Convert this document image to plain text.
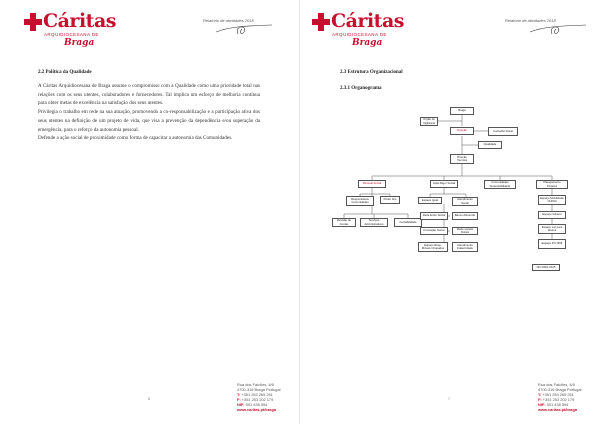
Cáritas
ARQUIDIOCESANA DE
Braga
Relatório de atividades 2018
2.2 Política da Qualidade

A Cáritas Arquidiocesana de Braga assume o compromisso com a Qualidade como uma prioridade total nas relações com os seus utentes, colaboradores e fornecedores. Tal implica um esforço de melhoria contínua para obter metas de excelência na satisfação dos seus utentes.

Privilegia o trabalho em rede na sua atuação, promovendo a co-responsabilização e a participação ativa dos seus utentes na definição de um projeto de vida, que visa a prevenção da dependência e/ou superação da emergência, para o reforço da autonomia pessoal.

Defende a ação social de proximidade como forma de capacitar a autonomia das Comunidades.

Rua dos Falcões, 4/6
4700-316 Braga Portugal
T: +351 253 265 251
F: +351 253 202 179
NIF: 501 438 594
www.caritas.pt/braga
6
Cáritas
ARQUIDIOCESANA DE
Braga
Relatório de atividades 2018
2.3 Estrutura Organizacional
2.3.1 Organograma
Rua dos Falcões, 4/6
4700-316 Braga Portugal
T: +351 253 265 251
F: +351 253 202 179
NIF: 501 438 594
www.caritas.pt/braga
7
Braga
Orgão de Vigilância
Direção	Conselho Fiscal
Qualidade
Direção Técnica
Pessoal Social
Responsáveis Comunidades
Poder tulo
Revisão de Contas
Serviços Administrativos	Contabilidade
Ação Rigor Social
Espaço Igual	Atendimento Social
Rede Entre Social	Banco Alimentar
Formação Social	Rede sociais Rurais
Espaço Resp. Móveis Ocupados
Atendimento Fraternidade
Comunidades Sustentabilidade
Planejamento Projetos
Espaço Mobilidade CLDS3
Espaço Gênero
Espaço Lar para Idosos
Espaço PO ISMI
ISO 9001:2015
